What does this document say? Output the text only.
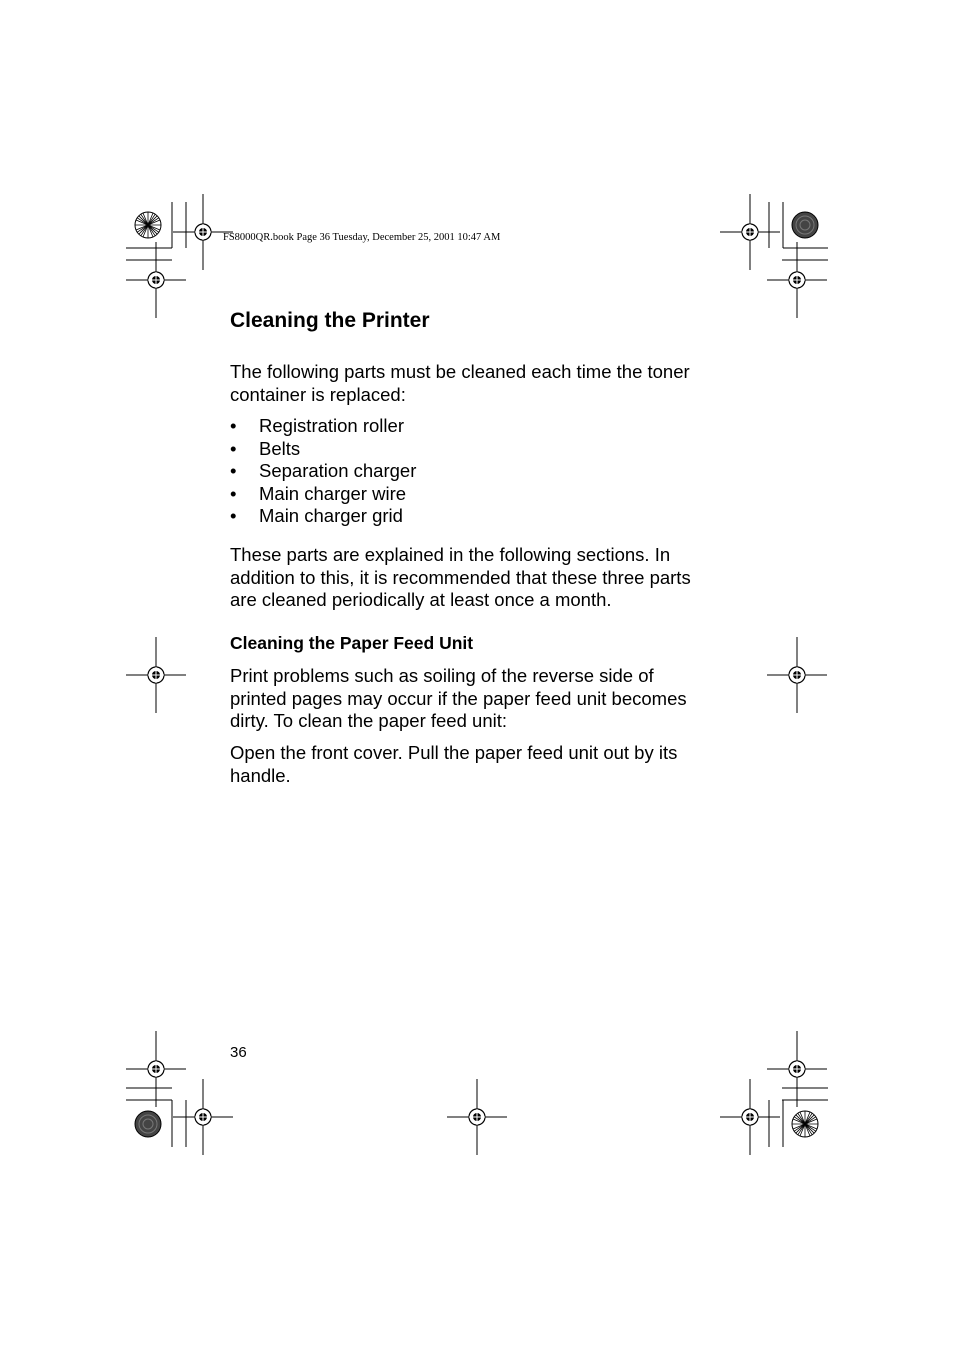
FS8000QR.book Page 36 Tuesday, December 25, 2001 10:47 AM
Cleaning the Printer

The following parts must be cleaned each time the toner container is replaced:

• Registration roller
• Belts
• Separation charger
• Main charger wire
• Main charger grid

These parts are explained in the following sections. In addition to this, it is recommended that these three parts are cleaned periodically at least once a month.

Cleaning the Paper Feed Unit

Print problems such as soiling of the reverse side of printed pages may occur if the paper feed unit becomes dirty. To clean the paper feed unit:

Open the front cover. Pull the paper feed unit out by its handle.

36
